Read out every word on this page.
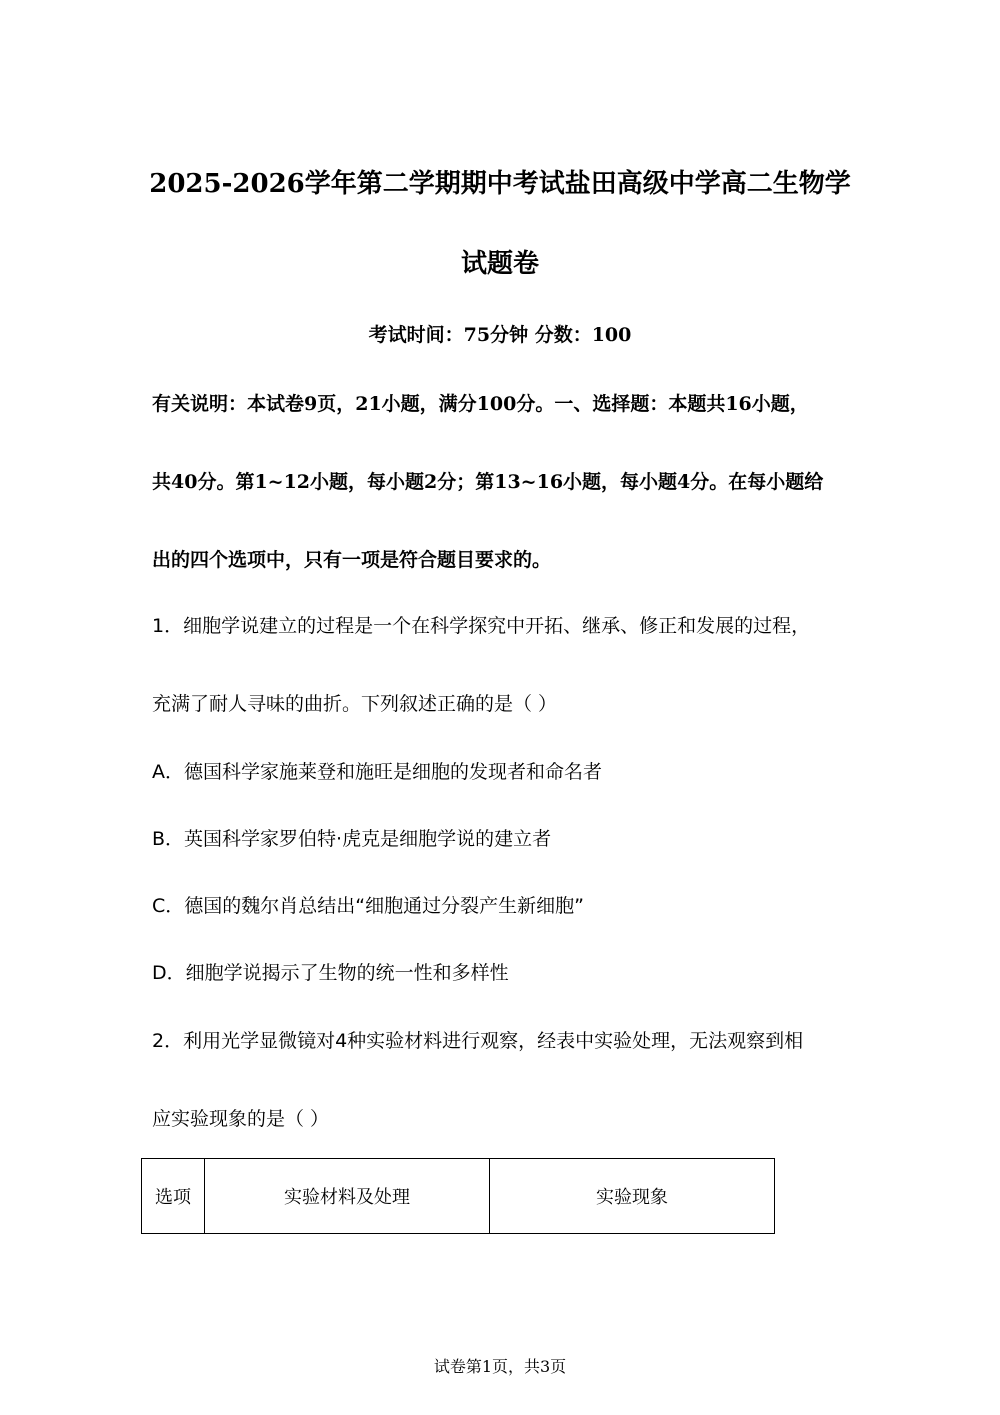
2025-2026学年第二学期期中考试盐田高级中学高二生物学
试题卷
考试时间：75分钟 分数：100
有关说明：本试卷9页，21小题，满分100分。一、选择题：本题共16小题，
共40分。第1~12小题，每小题2分；第13~16小题，每小题4分。在每小题给
出的四个选项中，只有一项是符合题目要求的。
1．细胞学说建立的过程是一个在科学探究中开拓、继承、修正和发展的过程，
充满了耐人寻味的曲折。下列叙述正确的是（ ）
A．德国科学家施莱登和施旺是细胞的发现者和命名者
B．英国科学家罗伯特·虎克是细胞学说的建立者
C．德国的魏尔肖总结出“细胞通过分裂产生新细胞”
D．细胞学说揭示了生物的统一性和多样性
2．利用光学显微镜对4种实验材料进行观察，经表中实验处理，无法观察到相
应实验现象的是（ ）
选项	实验材料及处理	实验现象
试卷第1页，共3页
